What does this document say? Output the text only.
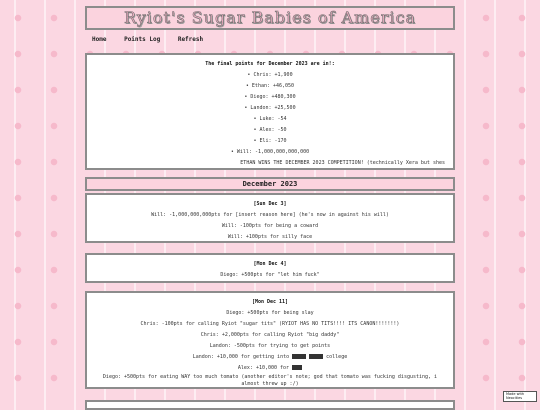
Ryiot's Sugar Babies of America
Home	Points Log	Refresh

The final points for December 2023 are in!:

• Chris: +1,900

• Ethan: +46,050

• Diego: +480,300

• Landon: +25,500

• Luke: -54

• Alex: -50

• Eli: -170

• Will: -1,000,000,000,000

ETHAN WINS THE DECEMBER 2023 COMPETITION! (technically Xera but shes

December 2023

[Sun Dec 3]

Will: -1,000,000,000pts for [insert reason here] (he's now in against his will)

Will: -100pts for being a coward

Will: +100pts for silly face

[Mon Dec 4]

Diego: +500pts for "let him fuck"

[Mon Dec 11]

Diego: +500pts for being slay

Chris: -100pts for calling Ryiot "sugar tits" (RYIOT HAS NO TITS!!!! ITS CANON!!!!!!!)

Chris: +2,000pts for calling Ryiot "big daddy"

Landon: -500pts for trying to get points

Landon: +10,000 for getting into	college

Alex: +10,000 for

Diego: +500pts for eating WAY too much tomato (another editor's note; god that tomato was fucking disgusting, i almost threw up :/)

Made with
Neocities
